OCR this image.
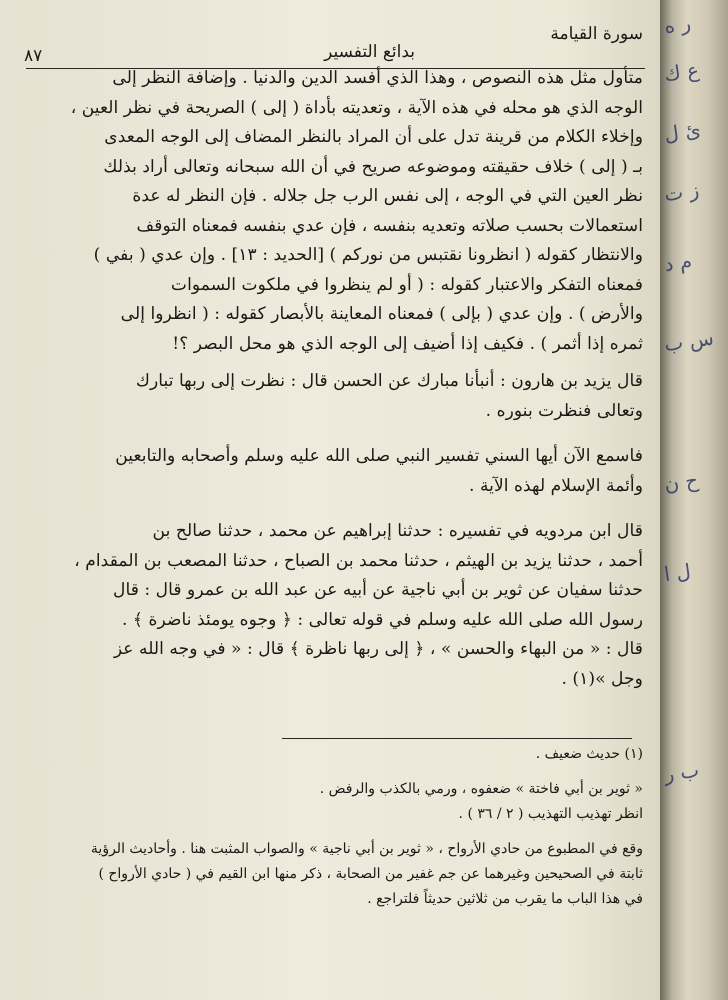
سورة القيامة
بدائع التفسير
٨٧

متأول مثل هذه النصوص ، وهذا الذي أفسد الدين والدنيا . وإضافة النظر إلى

الوجه الذي هو محله في هذه الآية ، وتعديته بأداة ( إلى ) الصريحة في نظر العين ،

وإخلاء الكلام من قرينة تدل على أن المراد بالنظر المضاف إلى الوجه المعدى

بـ ( إلى ) خلاف حقيقته وموضوعه صريح في أن الله سبحانه وتعالى أراد بذلك

نظر العين التي في الوجه ، إلى نفس الرب جل جلاله . فإن النظر له عدة

استعمالات بحسب صلاته وتعديه بنفسه ، فإن عدي بنفسه فمعناه التوقف

والانتظار كقوله ( انظرونا نقتبس من نوركم ) [الحديد : ١٣] . وإن عدي ( بفي )

فمعناه التفكر والاعتبار كقوله : ( أو لم ينظروا في ملكوت السموات

والأرض ) . وإن عدي ( بإلى ) فمعناه المعاينة بالأبصار كقوله : ( انظروا إلى

ثمره إذا أثمر ) . فكيف إذا أضيف إلى الوجه الذي هو محل البصر ؟!

قال يزيد بن هارون : أنبأنا مبارك عن الحسن قال : نظرت إلى ربها تبارك

وتعالى فنظرت بنوره .

فاسمع الآن أيها السني تفسير النبي صلى الله عليه وسلم وأصحابه والتابعين

وأئمة الإسلام لهذه الآية .

قال ابن مردويه في تفسيره : حدثنا إبراهيم عن محمد ، حدثنا صالح بن

أحمد ، حدثنا يزيد بن الهيثم ، حدثنا محمد بن الصباح ، حدثنا المصعب بن المقدام ،

حدثنا سفيان عن ثوير بن أبي ناجية عن أبيه عن عبد الله بن عمرو قال : قال

رسول الله صلى الله عليه وسلم في قوله تعالى : ﴿ وجوه يومئذ ناضرة ﴾ .

قال : « من البهاء والحسن » ، ﴿ إلى ربها ناظرة ﴾ قال : « في وجه الله عز

وجل »(١) .

(١) حديث ضعيف .

« ثوير بن أبي فاختة » ضعفوه ، ورمي بالكذب والرفض .

انظر تهذيب التهذيب ( ٢ / ٣٦ ) .

وقع في المطبوع من حادي الأرواح ، « ثوير بن أبي ناجية » والصواب المثبت هنا . وأحاديث الرؤية

ثابتة في الصحيحين وغيرهما عن جم غفير من الصحابة ، ذكر منها ابن القيم في ( حادي الأرواح )

في هذا الباب ما يقرب من ثلاثين حديثاً فلتراجع .

ر ه
ع ك
ئ ل
ز ت
م د
س ب
ح ن
ل ا
ب ر
